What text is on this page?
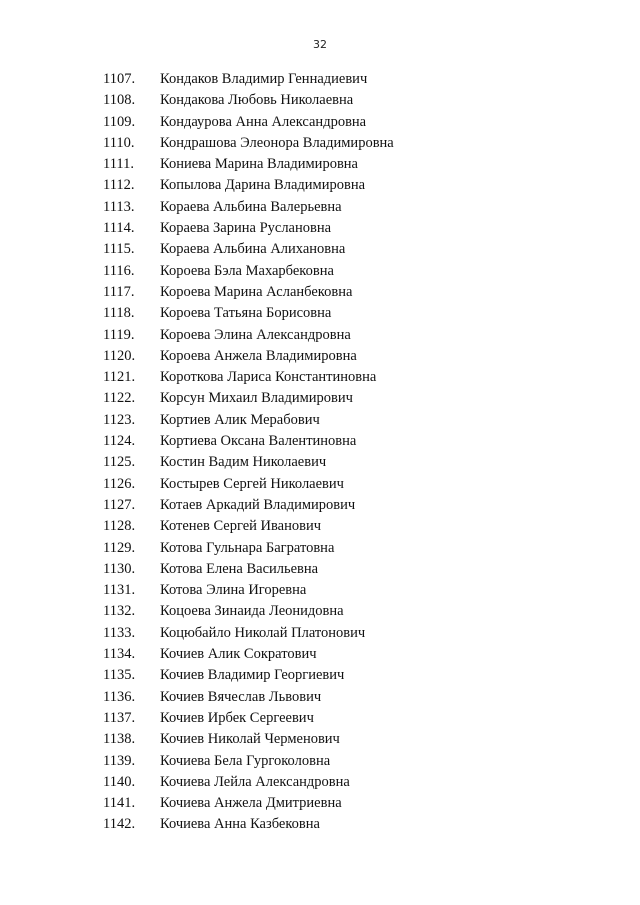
32
1107.	Кондаков Владимир Геннадиевич
1108.	Кондакова Любовь Николаевна
1109.	Кондаурова Анна Александровна
1110.	Кондрашова Элеонора Владимировна
1111.	Кониева Марина Владимировна
1112.	Копылова Дарина Владимировна
1113.	Кораева Альбина Валерьевна
1114.	Кораева Зарина Руслановна
1115.	Кораева Альбина Алихановна
1116.	Короева Бэла Махарбековна
1117.	Короева Марина Асланбековна
1118.	Короева Татьяна Борисовна
1119.	Короева Элина Александровна
1120.	Короева Анжела Владимировна
1121.	Короткова Лариса Константиновна
1122.	Корсун Михаил Владимирович
1123.	Кортиев Алик Мерабович
1124.	Кортиева Оксана Валентиновна
1125.	Костин Вадим Николаевич
1126.	Костырев Сергей Николаевич
1127.	Котаев Аркадий Владимирович
1128.	Котенев Сергей Иванович
1129.	Котова Гульнара Багратовна
1130.	Котова Елена Васильевна
1131.	Котова Элина Игоревна
1132.	Коцоева Зинаида Леонидовна
1133.	Коцюбайло Николай Платонович
1134.	Кочиев Алик Сократович
1135.	Кочиев Владимир Георгиевич
1136.	Кочиев Вячеслав Львович
1137.	Кочиев Ирбек Сергеевич
1138.	Кочиев Николай Черменович
1139.	Кочиева Бела Гургоколовна
1140.	Кочиева Лейла Александровна
1141.	Кочиева Анжела Дмитриевна
1142.	Кочиева Анна Казбековна
